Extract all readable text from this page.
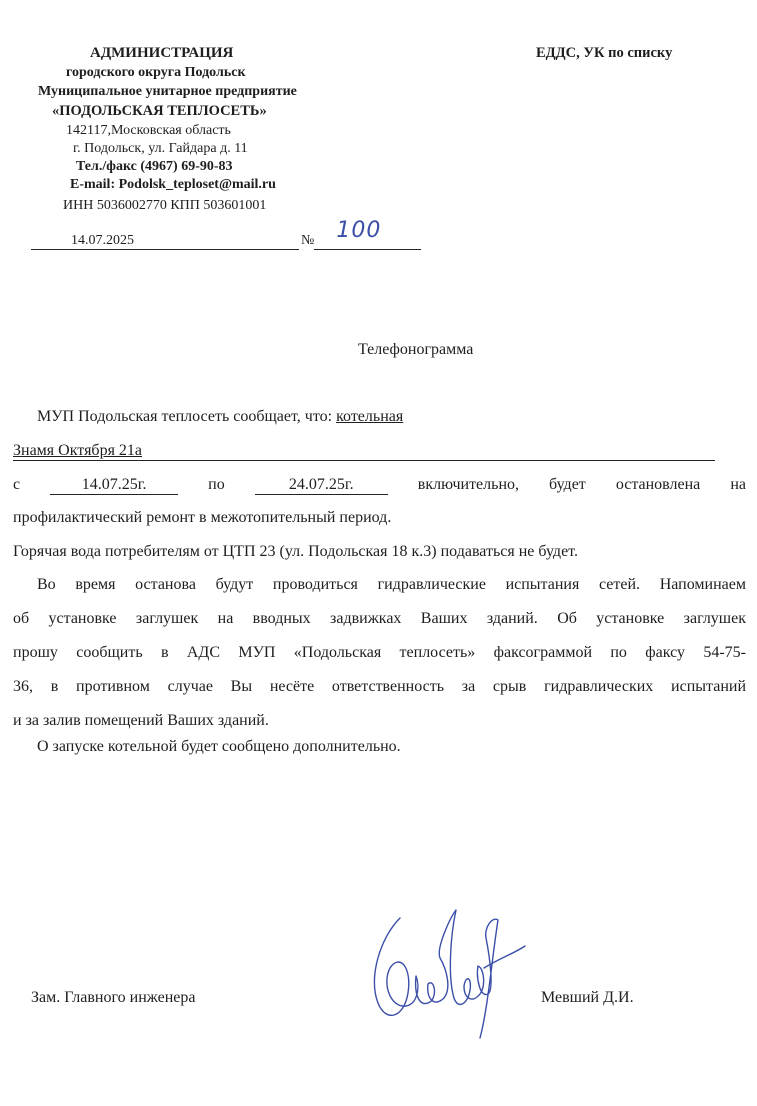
АДМИНИСТРАЦИЯ
городского округа Подольск
Муниципальное унитарное предприятие
«ПОДОЛЬСКАЯ ТЕПЛОСЕТЬ»
142117,Московская область
г. Подольск, ул. Гайдара д. 11
Тел./факс (4967) 69-90-83
E-mail: Podolsk_teploset@mail.ru
ИНН 5036002770 КПП 503601001
ЕДДС, УК по списку
14.07.2025	№ 100
Телефонограмма
МУП Подольская теплосеть сообщает, что: котельная
Знамя Октября 21а
с	14.07.25г.	по	24.07.25г.	включительно, будет остановлена на
профилактический ремонт в межотопительный период.
Горячая вода потребителям от ЦТП 23 (ул. Подольская 18 к.3) подаваться не будет.
Во время останова будут проводиться гидравлические испытания сетей. Напоминаем
об установке заглушек на вводных задвижках Ваших зданий. Об установке заглушек
прошу сообщить в АДС МУП «Подольская теплосеть» факсограммой по факсу 54-75-
36, в противном случае Вы несёте ответственность за срыв гидравлических испытаний
и за залив помещений Ваших зданий.
О запуске котельной будет сообщено дополнительно.
Зам. Главного инженера	Мевший Д.И.
